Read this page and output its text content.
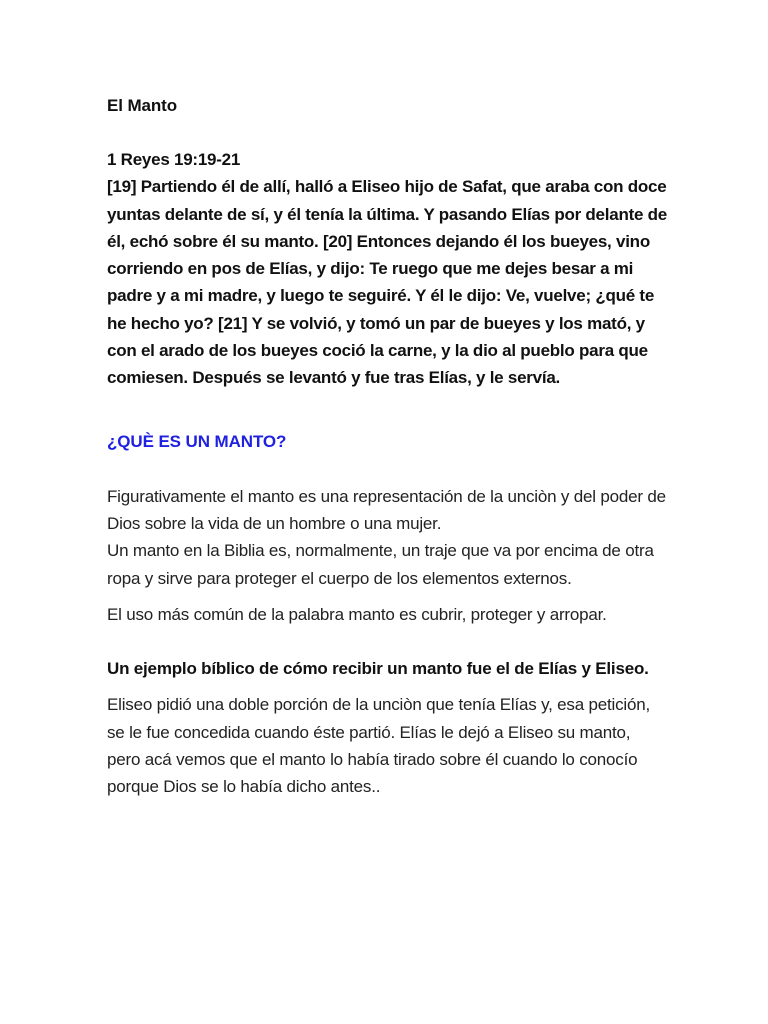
El Manto

1 Reyes 19:19-21

[19] Partiendo él de allí, halló a Eliseo hijo de Safat, que araba con doce yuntas delante de sí, y él tenía la última. Y pasando Elías por delante de él, echó sobre él su manto. [20] Entonces dejando él los bueyes, vino corriendo en pos de Elías, y dijo: Te ruego que me dejes besar a mi padre y a mi madre, y luego te seguiré. Y él le dijo: Ve, vuelve; ¿qué te he hecho yo? [21] Y se volvió, y tomó un par de bueyes y los mató, y con el arado de los bueyes coció la carne, y la dio al pueblo para que comiesen. Después se levantó y fue tras Elías, y le servía.

¿QUÈ ES UN MANTO?

Figurativamente el manto es una representación de la unciòn y del poder de Dios sobre la vida de un hombre o una mujer.

Un manto en la Biblia es, normalmente, un traje que va por encima de otra ropa y sirve para proteger el cuerpo de los elementos externos.

El uso más común de la palabra manto es cubrir, proteger y arropar.

Un ejemplo bíblico de cómo recibir un manto fue el de Elías y Eliseo.

Eliseo pidió una doble porción de la unciòn que tenía Elías y, esa petición, se le fue concedida cuando éste partió. Elías le dejó a Eliseo su manto, pero acá vemos que el manto lo había tirado sobre él cuando lo conocío porque Dios se lo había dicho antes..
